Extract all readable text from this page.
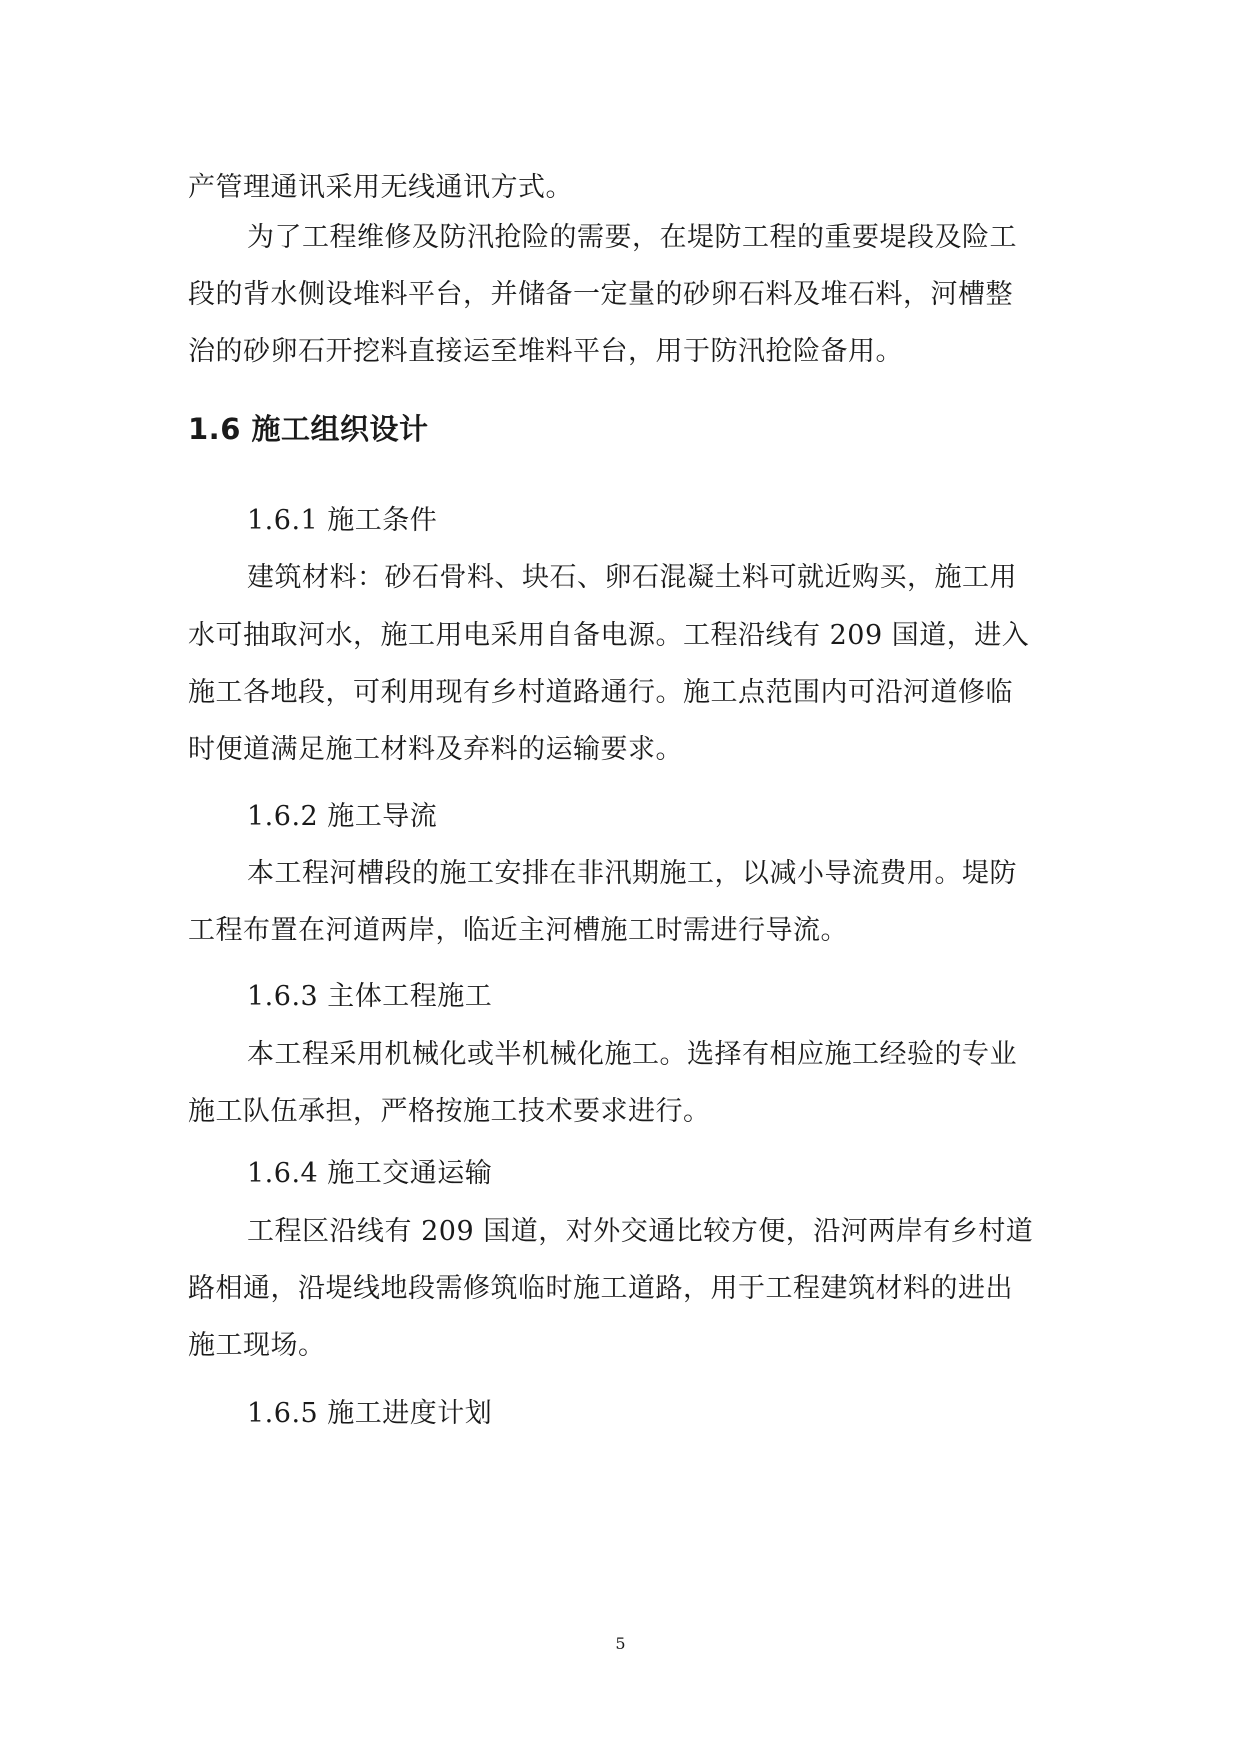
产管理通讯采用无线通讯方式。
为了工程维修及防汛抢险的需要，在堤防工程的重要堤段及险工
段的背水侧设堆料平台，并储备一定量的砂卵石料及堆石料，河槽整
治的砂卵石开挖料直接运至堆料平台，用于防汛抢险备用。
1.6 施工组织设计
1.6.1 施工条件
建筑材料：砂石骨料、块石、卵石混凝土料可就近购买，施工用
水可抽取河水，施工用电采用自备电源。工程沿线有 209 国道，进入
施工各地段，可利用现有乡村道路通行。施工点范围内可沿河道修临
时便道满足施工材料及弃料的运输要求。
1.6.2 施工导流
本工程河槽段的施工安排在非汛期施工，以减小导流费用。堤防
工程布置在河道两岸，临近主河槽施工时需进行导流。
1.6.3 主体工程施工
本工程采用机械化或半机械化施工。选择有相应施工经验的专业
施工队伍承担，严格按施工技术要求进行。
1.6.4 施工交通运输
工程区沿线有 209 国道，对外交通比较方便，沿河两岸有乡村道
路相通，沿堤线地段需修筑临时施工道路，用于工程建筑材料的进出
施工现场。
1.6.5 施工进度计划
5
